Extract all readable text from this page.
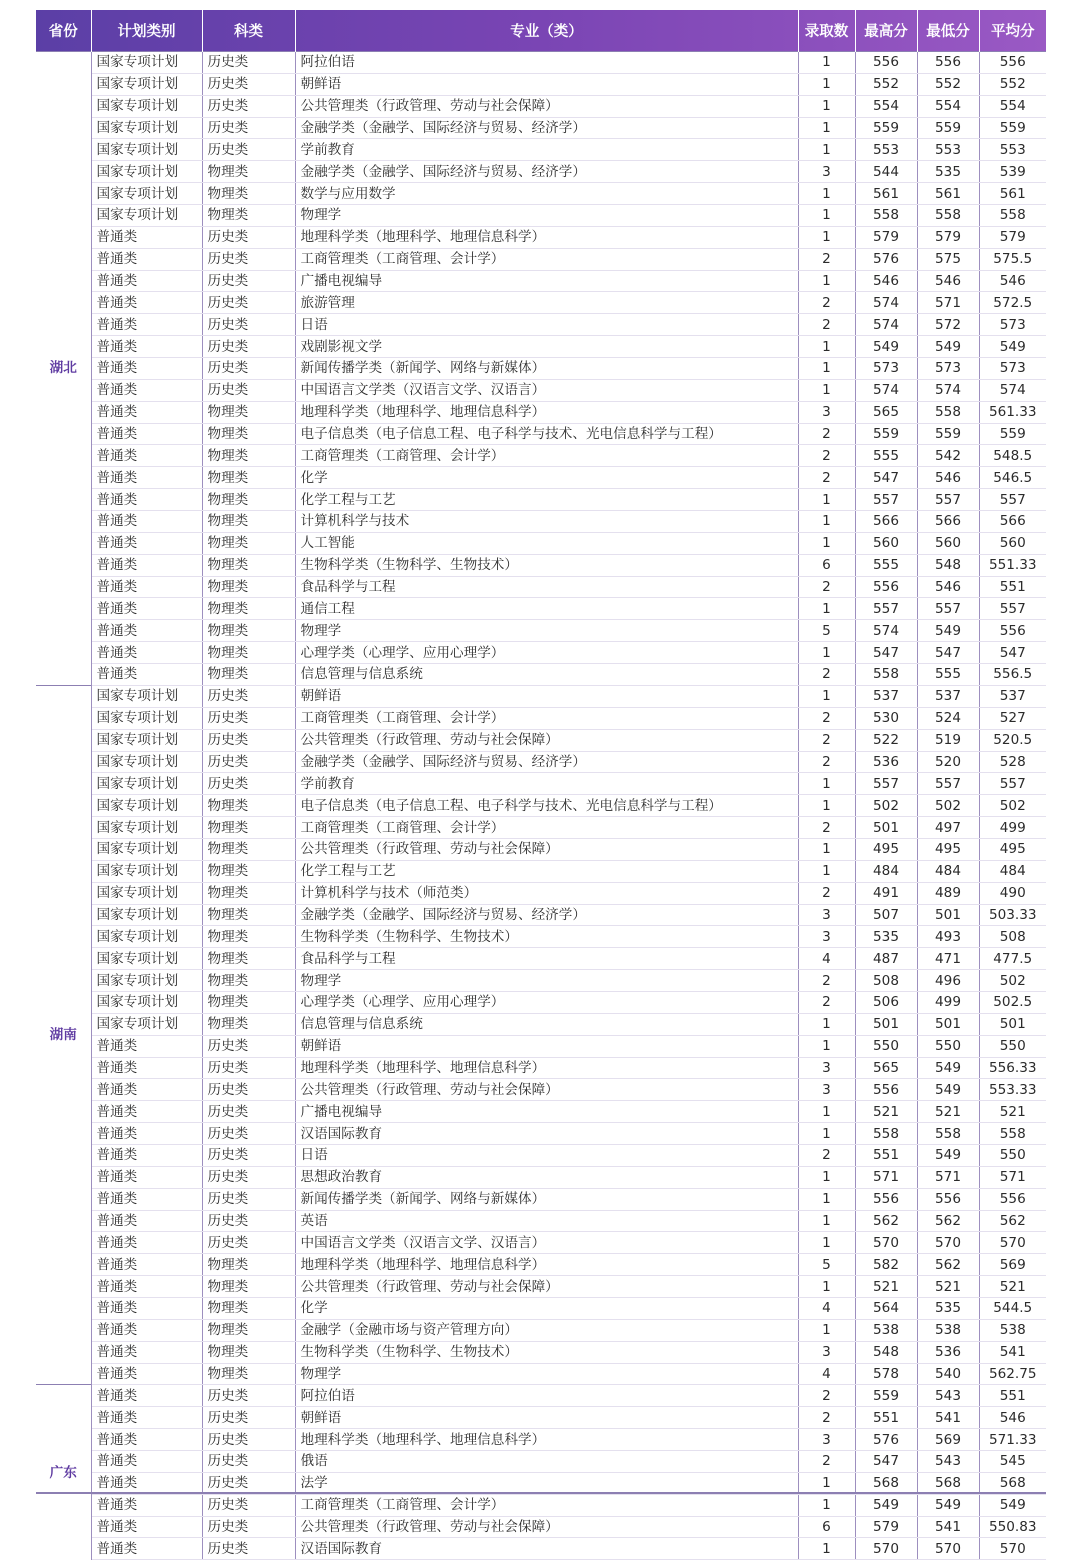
省份	计划类别	科类	专业（类）	录取数	最高分	最低分	平均分
湖北	国家专项计划	历史类	阿拉伯语	1	556	556	556
	国家专项计划	历史类	朝鲜语	1	552	552	552
	国家专项计划	历史类	公共管理类（行政管理、劳动与社会保障）	1	554	554	554
	国家专项计划	历史类	金融学类（金融学、国际经济与贸易、经济学）	1	559	559	559
	国家专项计划	历史类	学前教育	1	553	553	553
	国家专项计划	物理类	金融学类（金融学、国际经济与贸易、经济学）	3	544	535	539
	国家专项计划	物理类	数学与应用数学	1	561	561	561
	国家专项计划	物理类	物理学	1	558	558	558
	普通类	历史类	地理科学类（地理科学、地理信息科学）	1	579	579	579
	普通类	历史类	工商管理类（工商管理、会计学）	2	576	575	575.5
	普通类	历史类	广播电视编导	1	546	546	546
	普通类	历史类	旅游管理	2	574	571	572.5
	普通类	历史类	日语	2	574	572	573
	普通类	历史类	戏剧影视文学	1	549	549	549
	普通类	历史类	新闻传播学类（新闻学、网络与新媒体）	1	573	573	573
	普通类	历史类	中国语言文学类（汉语言文学、汉语言）	1	574	574	574
	普通类	物理类	地理科学类（地理科学、地理信息科学）	3	565	558	561.33
	普通类	物理类	电子信息类（电子信息工程、电子科学与技术、光电信息科学与工程）	2	559	559	559
	普通类	物理类	工商管理类（工商管理、会计学）	2	555	542	548.5
	普通类	物理类	化学	2	547	546	546.5
	普通类	物理类	化学工程与工艺	1	557	557	557
	普通类	物理类	计算机科学与技术	1	566	566	566
	普通类	物理类	人工智能	1	560	560	560
	普通类	物理类	生物科学类（生物科学、生物技术）	6	555	548	551.33
	普通类	物理类	食品科学与工程	2	556	546	551
	普通类	物理类	通信工程	1	557	557	557
	普通类	物理类	物理学	5	574	549	556
	普通类	物理类	心理学类（心理学、应用心理学）	1	547	547	547
	普通类	物理类	信息管理与信息系统	2	558	555	556.5
湖南	国家专项计划	历史类	朝鲜语	1	537	537	537
	国家专项计划	历史类	工商管理类（工商管理、会计学）	2	530	524	527
	国家专项计划	历史类	公共管理类（行政管理、劳动与社会保障）	2	522	519	520.5
	国家专项计划	历史类	金融学类（金融学、国际经济与贸易、经济学）	2	536	520	528
	国家专项计划	历史类	学前教育	1	557	557	557
	国家专项计划	物理类	电子信息类（电子信息工程、电子科学与技术、光电信息科学与工程）	1	502	502	502
	国家专项计划	物理类	工商管理类（工商管理、会计学）	2	501	497	499
	国家专项计划	物理类	公共管理类（行政管理、劳动与社会保障）	1	495	495	495
	国家专项计划	物理类	化学工程与工艺	1	484	484	484
	国家专项计划	物理类	计算机科学与技术（师范类）	2	491	489	490
	国家专项计划	物理类	金融学类（金融学、国际经济与贸易、经济学）	3	507	501	503.33
	国家专项计划	物理类	生物科学类（生物科学、生物技术）	3	535	493	508
	国家专项计划	物理类	食品科学与工程	4	487	471	477.5
	国家专项计划	物理类	物理学	2	508	496	502
	国家专项计划	物理类	心理学类（心理学、应用心理学）	2	506	499	502.5
	国家专项计划	物理类	信息管理与信息系统	1	501	501	501
	普通类	历史类	朝鲜语	1	550	550	550
	普通类	历史类	地理科学类（地理科学、地理信息科学）	3	565	549	556.33
	普通类	历史类	公共管理类（行政管理、劳动与社会保障）	3	556	549	553.33
	普通类	历史类	广播电视编导	1	521	521	521
	普通类	历史类	汉语国际教育	1	558	558	558
	普通类	历史类	日语	2	551	549	550
	普通类	历史类	思想政治教育	1	571	571	571
	普通类	历史类	新闻传播学类（新闻学、网络与新媒体）	1	556	556	556
	普通类	历史类	英语	1	562	562	562
	普通类	历史类	中国语言文学类（汉语言文学、汉语言）	1	570	570	570
	普通类	物理类	地理科学类（地理科学、地理信息科学）	5	582	562	569
	普通类	物理类	公共管理类（行政管理、劳动与社会保障）	1	521	521	521
	普通类	物理类	化学	4	564	535	544.5
	普通类	物理类	金融学（金融市场与资产管理方向）	1	538	538	538
	普通类	物理类	生物科学类（生物科学、生物技术）	3	548	536	541
	普通类	物理类	物理学	4	578	540	562.75
广东	普通类	历史类	阿拉伯语	2	559	543	551
	普通类	历史类	朝鲜语	2	551	541	546
	普通类	历史类	地理科学类（地理科学、地理信息科学）	3	576	569	571.33
	普通类	历史类	俄语	2	547	543	545
	普通类	历史类	法学	1	568	568	568
	普通类	历史类	工商管理类（工商管理、会计学）	1	549	549	549
	普通类	历史类	公共管理类（行政管理、劳动与社会保障）	6	579	541	550.83
	普通类	历史类	汉语国际教育	1	570	570	570
